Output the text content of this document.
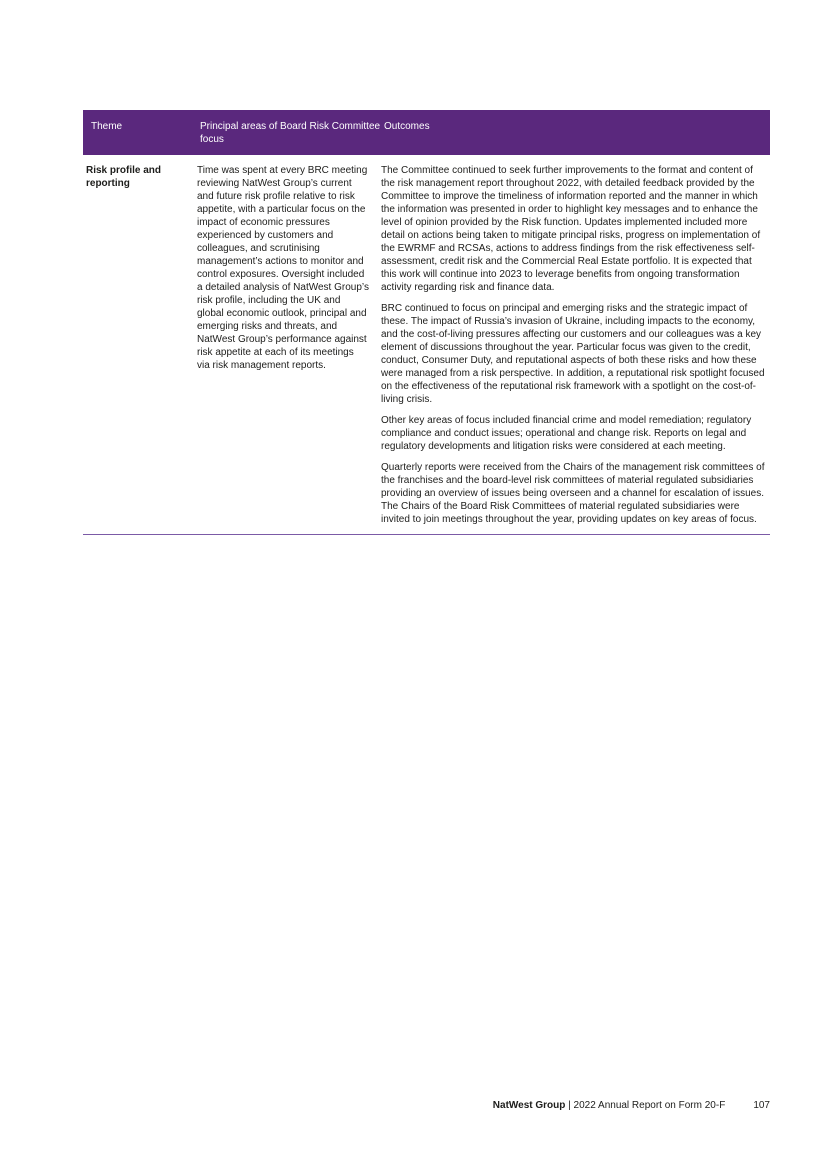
Theme	Principal areas of Board Risk Committee focus
Outcomes
Risk profile and reporting
Time was spent at every BRC meeting reviewing NatWest Group’s current and future risk profile relative to risk appetite, with a particular focus on the impact of economic pressures experienced by customers and colleagues, and scrutinising management’s actions to monitor and control exposures. Oversight included a detailed analysis of NatWest Group’s risk profile, including the UK and global economic outlook, principal and emerging risks and threats, and NatWest Group’s performance against risk appetite at each of its meetings via risk management reports.

The Committee continued to seek further improvements to the format and content of the risk management report throughout 2022, with detailed feedback provided by the Committee to improve the timeliness of information reported and the manner in which the information was presented in order to highlight key messages and to enhance the level of opinion provided by the Risk function. Updates implemented included more detail on actions being taken to mitigate principal risks, progress on implementation of the EWRMF and RCSAs, actions to address findings from the risk effectiveness self-assessment, credit risk and the Commercial Real Estate portfolio. It is expected that this work will continue into 2023 to leverage benefits from ongoing transformation activity regarding risk and finance data.

BRC continued to focus on principal and emerging risks and the strategic impact of these. The impact of Russia’s invasion of Ukraine, including impacts to the economy, and the cost-of-living pressures affecting our customers and our colleagues was a key element of discussions throughout the year. Particular focus was given to the credit, conduct, Consumer Duty, and reputational aspects of both these risks and how these were managed from a risk perspective. In addition, a reputational risk spotlight focused on the effectiveness of the reputational risk framework with a spotlight on the cost-of-living crisis.

Other key areas of focus included financial crime and model remediation; regulatory compliance and conduct issues; operational and change risk. Reports on legal and regulatory developments and litigation risks were considered at each meeting.

Quarterly reports were received from the Chairs of the management risk committees of the franchises and the board-level risk committees of material regulated subsidiaries providing an overview of issues being overseen and a channel for escalation of issues. The Chairs of the Board Risk Committees of material regulated subsidiaries were invited to join meetings throughout the year, providing updates on key areas of focus.

NatWest Group | 2022 Annual Report on Form 20-F	107
